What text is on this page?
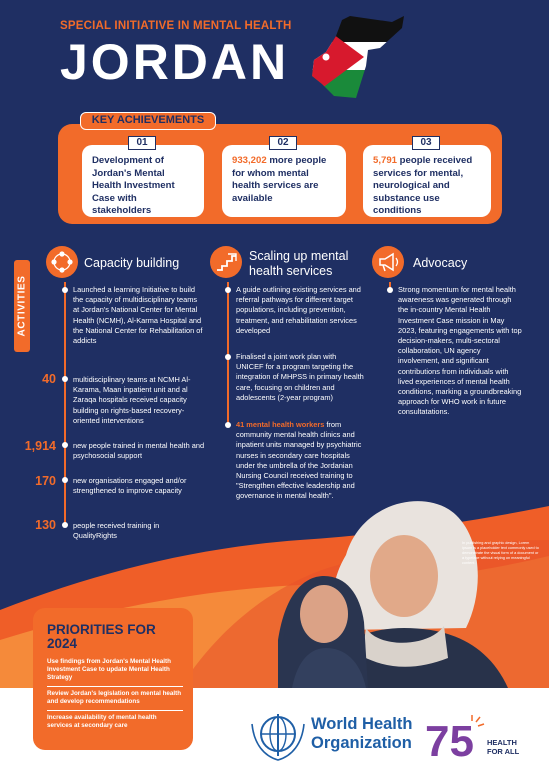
SPECIAL INITIATIVE IN MENTAL HEALTH
JORDAN
KEY ACHIEVEMENTS
Development of Jordan's Mental Health Investment Case with stakeholders
01
933,202 more people for whom mental health services are available
02
5,791 people received services for mental, neurological and substance use conditions
03
ACTIVITIES
Capacity building
Launched a learning Initiative to build the capacity of multidisciplinary teams at Jordan's National Center for Mental Health (NCMH), Al-Karma Hospital and the National Center for Rehabilitation of addicts
40 multidisciplinary teams at NCMH Al-Karama, Maan inpatient unit and al Zaraqa hospitals received capacity building on rights-based recovery-oriented interventions
1,914 new people trained in mental health and psychosocial support
170 new organisations engaged and/or strengthened to improve capacity
130 people received training in QualityRights
Scaling up mental health services
A guide outlining existing services and referral pathways for different target populations, including prevention, treatment, and rehabilitation services developed
Finalised a joint work plan with UNICEF for a program targeting the integration of MHPSS in primary health care, focusing on children and adolescents (2-year program)
41 mental health workers from community mental health clinics and inpatient units managed by psychiatric nurses in secondary care hospitals under the umbrella of the Jordanian Nursing Council received training to "Strengthen effective leadership and governance in mental health".
Advocacy
Strong momentum for mental health awareness was generated through the in-country Mental Health Investment Case mission in May 2023, featuring engagements with top decision-makers, multi-sectoral collaboration, UN agency involvement, and significant contributions from individuals with lived experiences of mental health conditions, marking a groundbreaking approach for WHO work in future consultatations.
In publishing and graphic design, Lorem ipsum is a placeholder text commonly used to demonstrate the visual form of a document or a typeface without relying on meaningful content.
PRIORITIES FOR
2024
Use findings from Jordan's Mental Health Investment Case to update Mental Health Strategy
Review Jordan's legislation on mental health and develop recommendations
Increase availability of mental health services at secondary care	World Health
Organization 75 HEALTH
FOR ALL
